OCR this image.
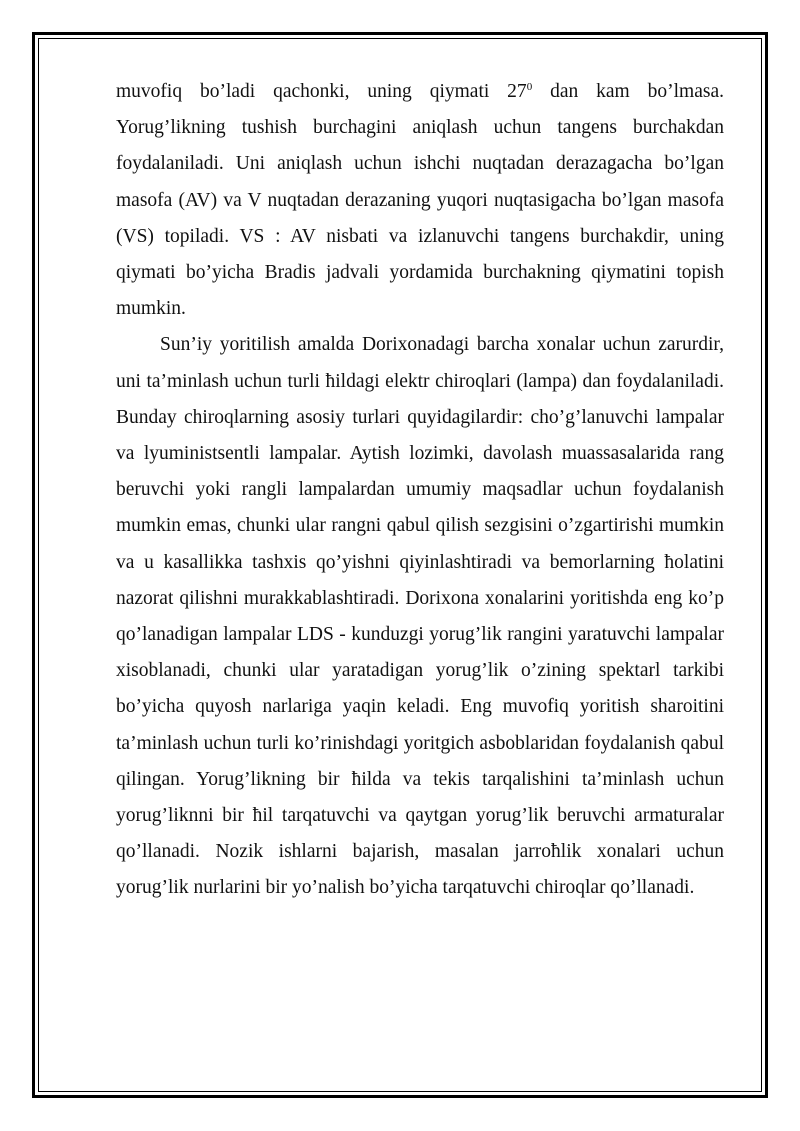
muvofiq bo’ladi qachonki, uning qiymati $27^0$ dan kam bo’lmasa. Yorug’likning tushish burchagini aniqlash uchun tangens burchakdan foydalaniladi. Uni aniqlash uchun ishchi nuqtadan derazagacha bo’lgan masofa (AV) va V nuqtadan derazaning yuqori nuqtasigacha bo’lgan masofa (VS) topiladi. VS : AV nisbati va izlanuvchi tangens burchakdir, uning qiymati bo’yicha Bradis jadvali yordamida burchakning qiymatini topish mumkin.

Sun’iy yoritilish amalda Dorixonadagi barcha xonalar uchun zarurdir, uni ta’minlash uchun turli ħildagi elektr chiroqlari (lampa) dan foydalaniladi. Bunday chiroqlarning asosiy turlari quyidagilardir: cho’g’lanuvchi lampalar va lyuministsentli lampalar. Aytish lozimki, davolash muassasalarida rang beruvchi yoki rangli lampalardan umumiy maqsadlar uchun foydalanish mumkin emas, chunki ular rangni qabul qilish sezgisini o’zgartirishi mumkin va u kasallikka tashxis qo’yishni qiyinlashtiradi va bemorlarning ħolatini nazorat qilishni murakkablashtiradi. Dorixona xonalarini yoritishda eng ko’p qo’lanadigan lampalar LDS - kunduzgi yorug’lik rangini yaratuvchi lampalar xisoblanadi, chunki ular yaratadigan yorug’lik o’zining spektarl tarkibi bo’yicha quyosh narlariga yaqin keladi. Eng muvofiq yoritish sharoitini ta’minlash uchun turli ko’rinishdagi yoritgich asboblaridan foydalanish qabul qilingan. Yorug’likning bir ħilda va tekis tarqalishini ta’minlash uchun yorug’liknni bir ħil tarqatuvchi va qaytgan yorug’lik beruvchi armaturalar qo’llanadi. Nozik ishlarni bajarish, masalan jarroħlik xonalari uchun yorug’lik nurlarini bir yo’nalish bo’yicha tarqatuvchi chiroqlar qo’llanadi.
